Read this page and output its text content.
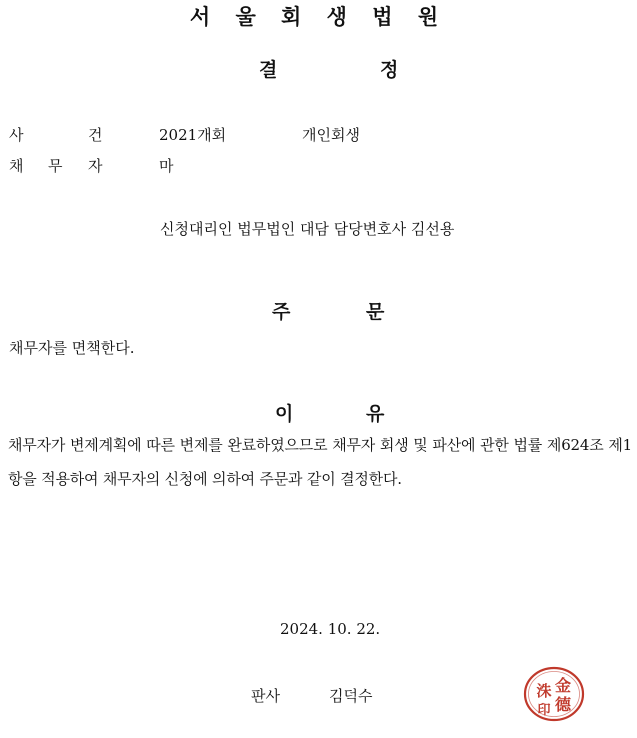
서 울 회 생 법 원
결	정
사	건	2021개회	개인회생
채 무 자	마
신청대리인 법무법인 대담 담당변호사 김선용
주	문
채무자를 면책한다.
이	유
채무자가 변제계획에 따른 변제를 완료하였으므로 채무자 회생 및 파산에 관한 법률 제624조 제1항을 적용하여 채무자의 신청에 의하여 주문과 같이 결정한다.
2024. 10. 22.
판사	김덕수
金
德
洙
印
